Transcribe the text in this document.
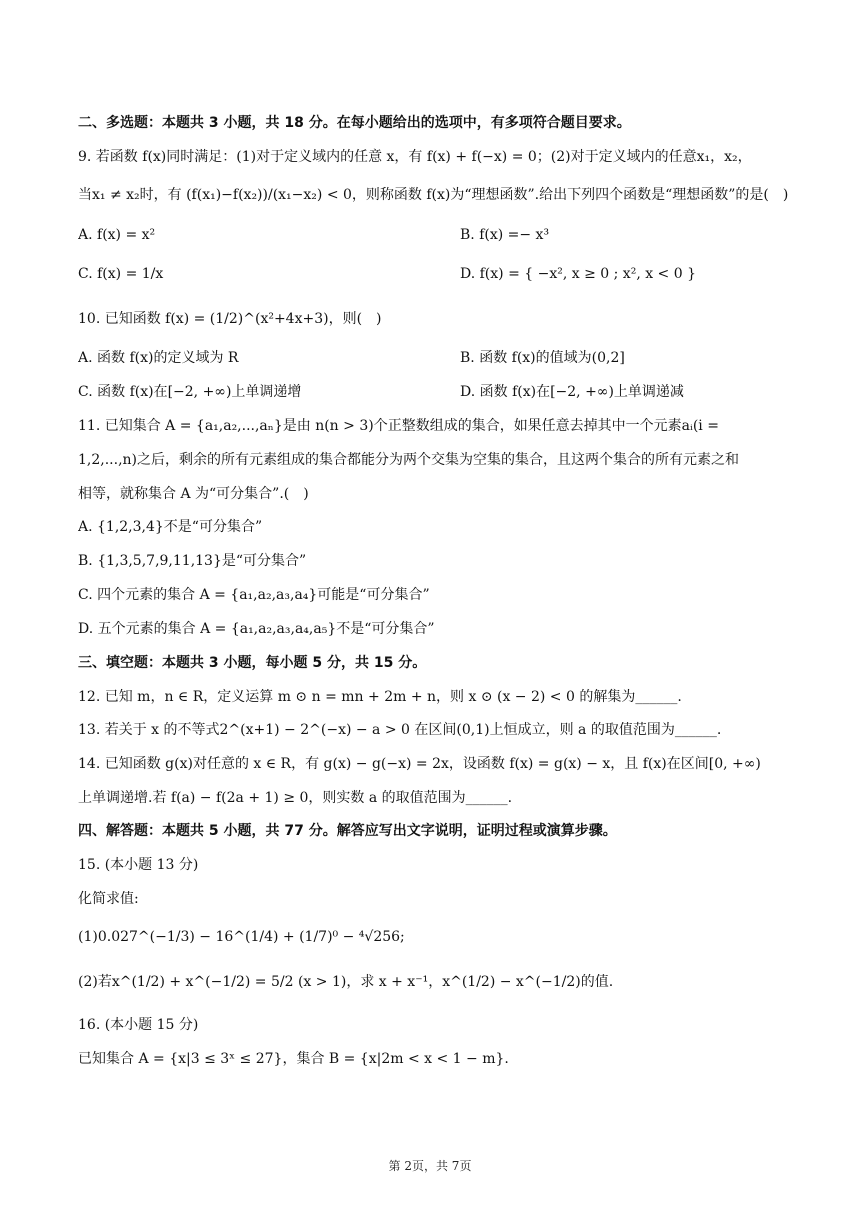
二、多选题：本题共 3 小题，共 18 分。在每小题给出的选项中，有多项符合题目要求。
9. 若函数 f(x)同时满足：(1)对于定义域内的任意 x，有 f(x) + f(−x) = 0；(2)对于定义域内的任意x₁，x₂，
当x₁ ≠ x₂时，有 (f(x₁)−f(x₂))/(x₁−x₂) < 0，则称函数 f(x)为“理想函数”.给出下列四个函数是“理想函数”的是(　)
A. f(x) = x²	B. f(x) =− x³
C. f(x) = 1/x	D. f(x) = { −x², x ≥ 0 ; x², x < 0 }
10. 已知函数 f(x) = (1/2)^(x²+4x+3)，则(　)
A. 函数 f(x)的定义域为 R	B. 函数 f(x)的值域为(0,2]
C. 函数 f(x)在[−2, +∞)上单调递增	D. 函数 f(x)在[−2, +∞)上单调递减
11. 已知集合 A = {a₁,a₂,...,aₙ}是由 n(n > 3)个正整数组成的集合，如果任意去掉其中一个元素aᵢ(i =
1,2,...,n)之后，剩余的所有元素组成的集合都能分为两个交集为空集的集合，且这两个集合的所有元素之和
相等，就称集合 A 为“可分集合”.(　)
A. {1,2,3,4}不是“可分集合”
B. {1,3,5,7,9,11,13}是“可分集合”
C. 四个元素的集合 A = {a₁,a₂,a₃,a₄}可能是“可分集合”
D. 五个元素的集合 A = {a₁,a₂,a₃,a₄,a₅}不是“可分集合”
三、填空题：本题共 3 小题，每小题 5 分，共 15 分。
12. 已知 m，n ∈ R，定义运算 m ⊙ n = mn + 2m + n，则 x ⊙ (x − 2) < 0 的解集为______.
13. 若关于 x 的不等式2^(x+1) − 2^(−x) − a > 0 在区间(0,1)上恒成立，则 a 的取值范围为______.
14. 已知函数 g(x)对任意的 x ∈ R，有 g(x) − g(−x) = 2x，设函数 f(x) = g(x) − x，且 f(x)在区间[0, +∞)
上单调递增.若 f(a) − f(2a + 1) ≥ 0，则实数 a 的取值范围为______.
四、解答题：本题共 5 小题，共 77 分。解答应写出文字说明，证明过程或演算步骤。
15. (本小题 13 分)
化简求值:
(1)0.027^(−1/3) − 16^(1/4) + (1/7)⁰ − ⁴√256;
(2)若x^(1/2) + x^(−1/2) = 5/2 (x > 1)，求 x + x⁻¹，x^(1/2) − x^(−1/2)的值.
16. (本小题 15 分)
已知集合 A = {x|3 ≤ 3ˣ ≤ 27}，集合 B = {x|2m < x < 1 − m}.
第 2页，共 7页
